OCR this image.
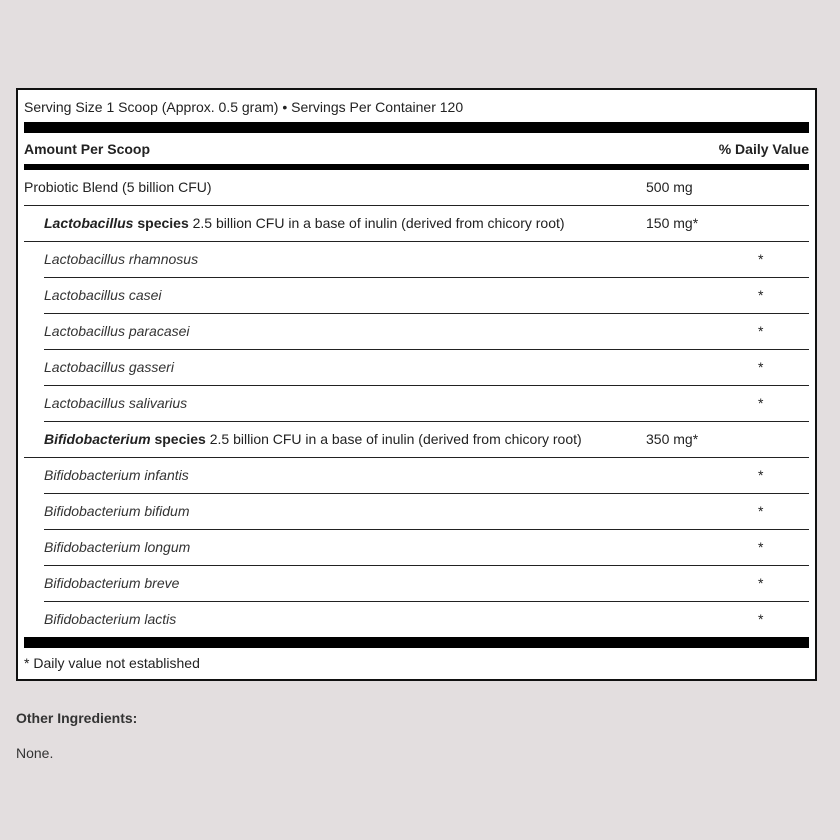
Serving Size 1 Scoop (Approx. 0.5 gram) • Servings Per Container 120
Amount Per Scoop	% Daily Value
Probiotic Blend (5 billion CFU)	500 mg
Lactobacillus species 2.5 billion CFU in a base of inulin (derived from chicory root)	150 mg*
Lactobacillus rhamnosus	*
Lactobacillus casei	*
Lactobacillus paracasei	*
Lactobacillus gasseri	*
Lactobacillus salivarius	*
Bifidobacterium species 2.5 billion CFU in a base of inulin (derived from chicory root)	350 mg*
Bifidobacterium infantis	*
Bifidobacterium bifidum	*
Bifidobacterium longum	*
Bifidobacterium breve	*
Bifidobacterium lactis	*
* Daily value not established
Other Ingredients:
None.
